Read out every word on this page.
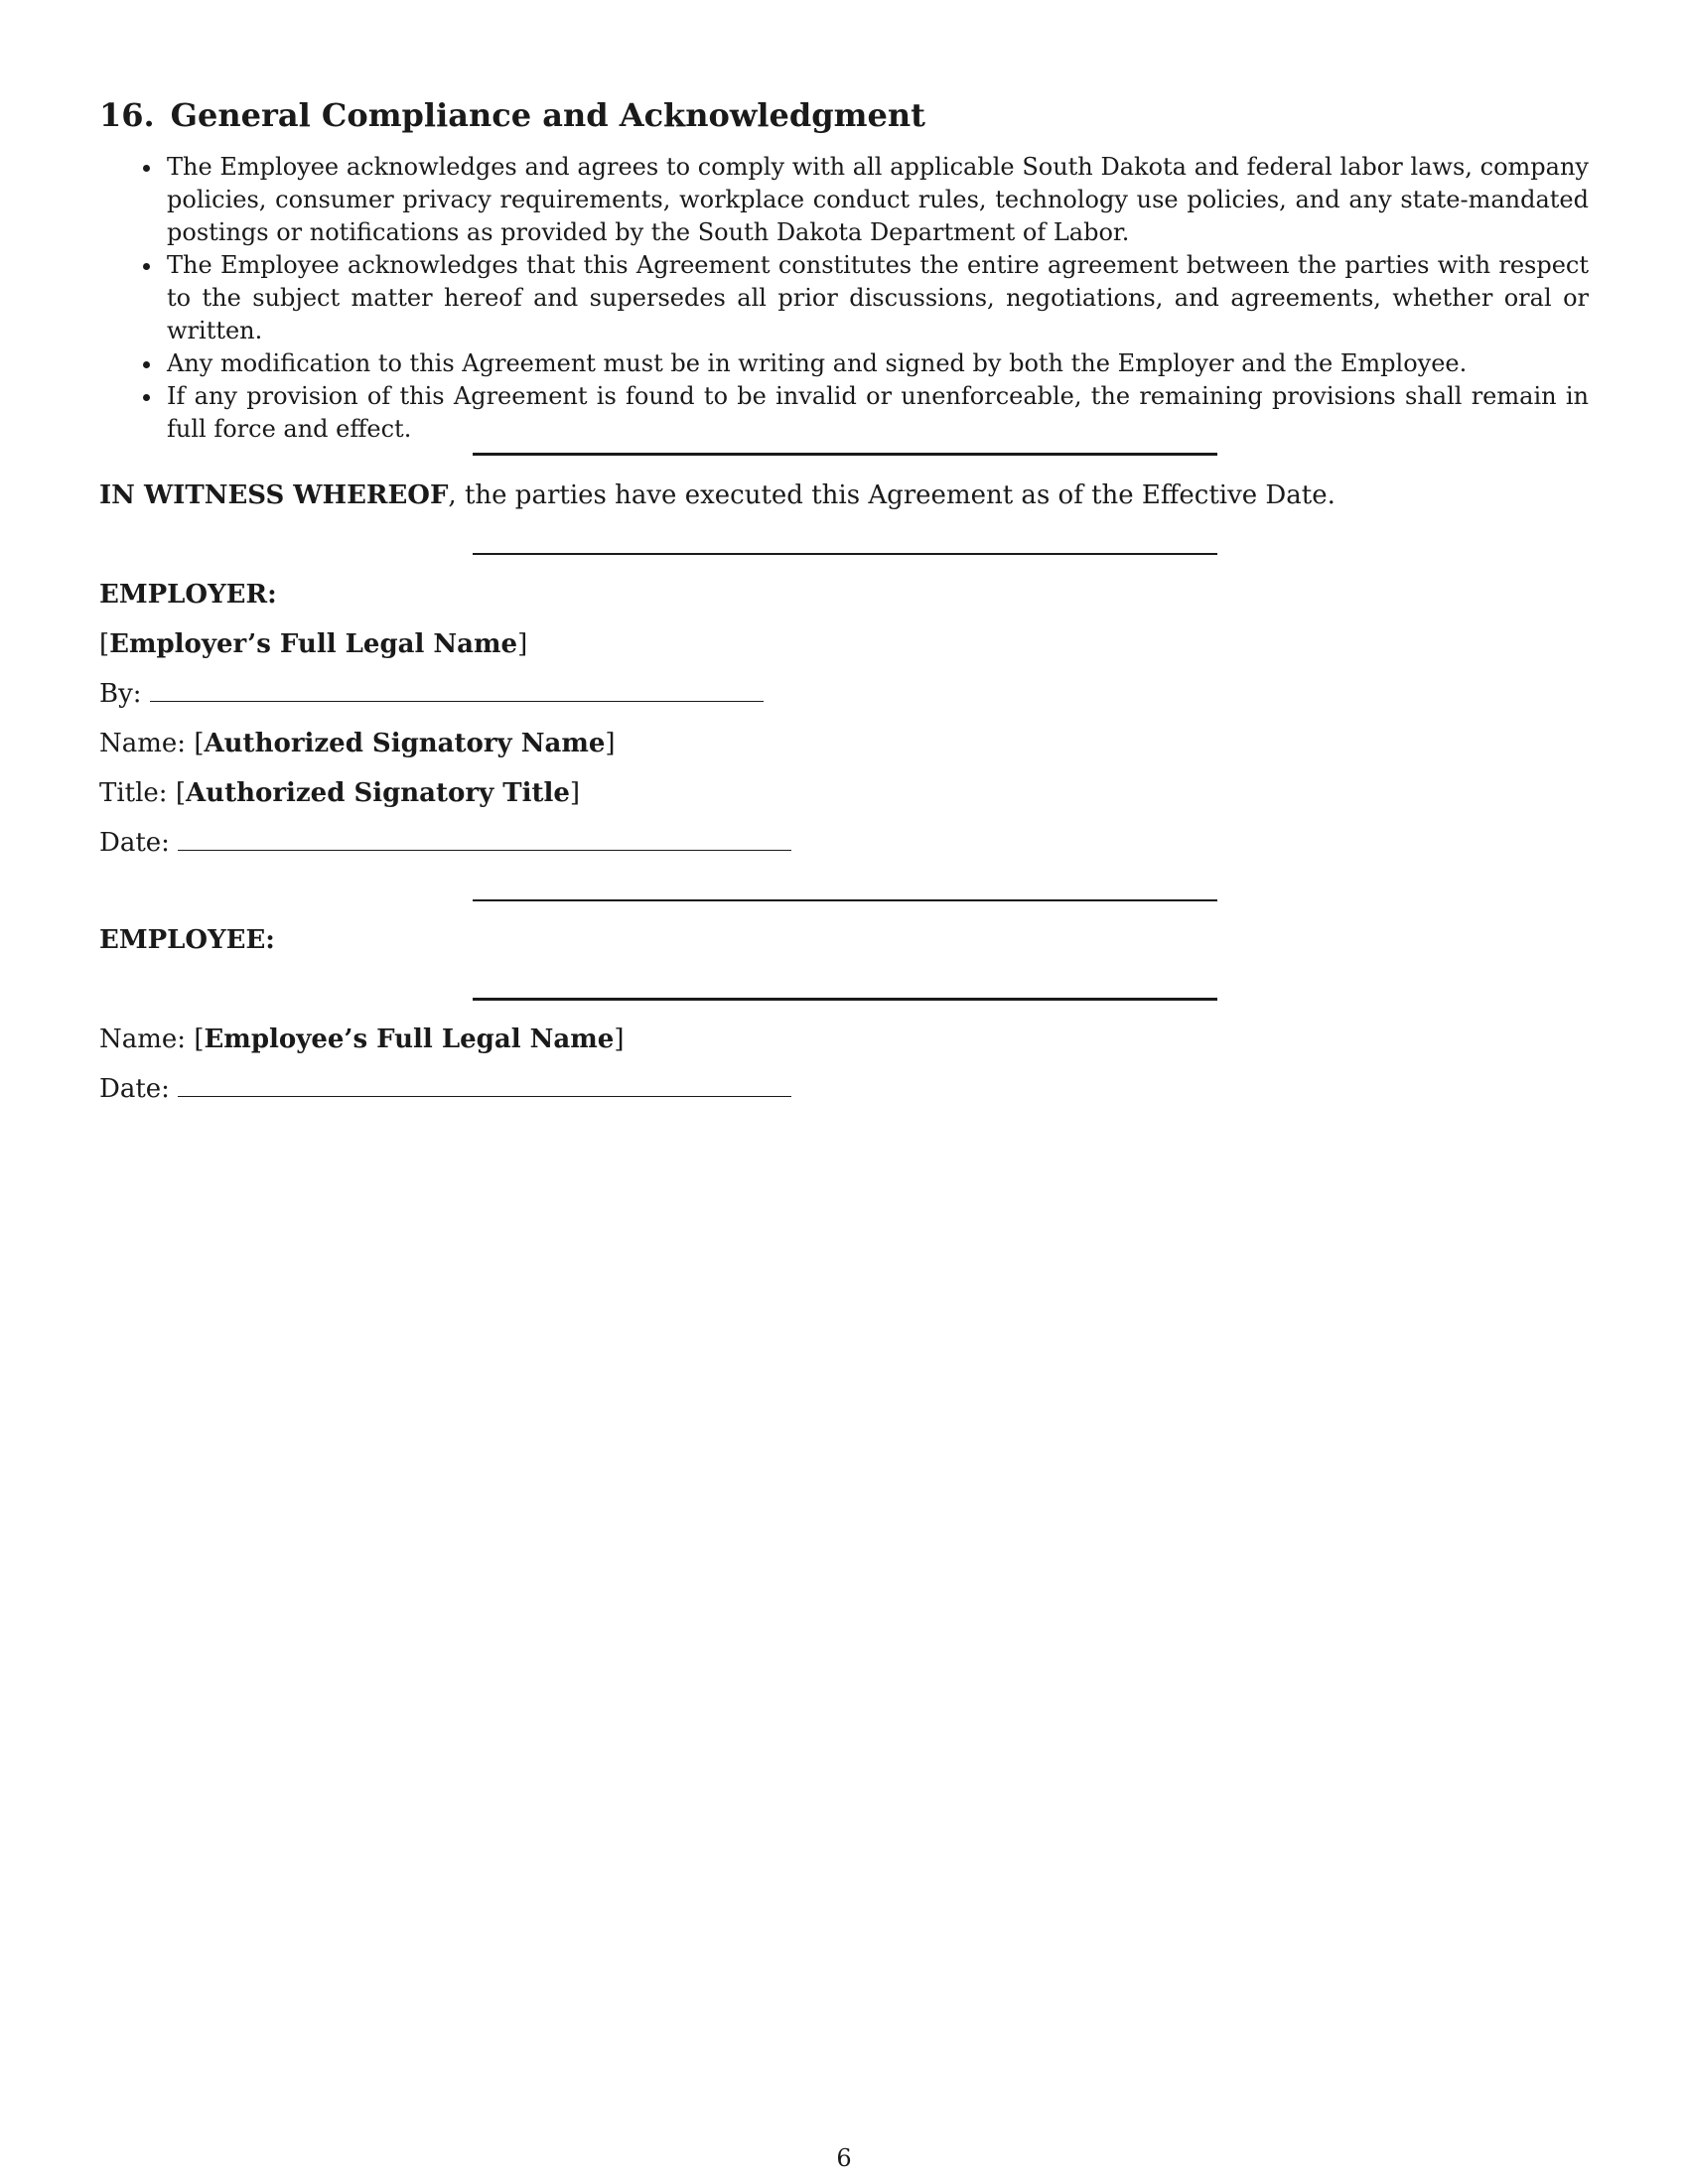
16. General Compliance and Acknowledgment
The Employee acknowledges and agrees to comply with all applicable South Dakota and federal labor laws, company policies, consumer privacy requirements, workplace conduct rules, technology use policies, and any state-mandated postings or notifications as provided by the South Dakota Department of Labor.
The Employee acknowledges that this Agreement constitutes the entire agreement between the parties with respect to the subject matter hereof and supersedes all prior discussions, negotiations, and agreements, whether oral or written.
Any modification to this Agreement must be in writing and signed by both the Employer and the Employee.
If any provision of this Agreement is found to be invalid or unenforceable, the remaining provisions shall remain in full force and effect.
IN WITNESS WHEREOF, the parties have executed this Agreement as of the Effective Date.
EMPLOYER:
[Employer’s Full Legal Name]
By:
Name: [Authorized Signatory Name]
Title: [Authorized Signatory Title]
Date:
EMPLOYEE:
Name: [Employee’s Full Legal Name]
Date:
6
